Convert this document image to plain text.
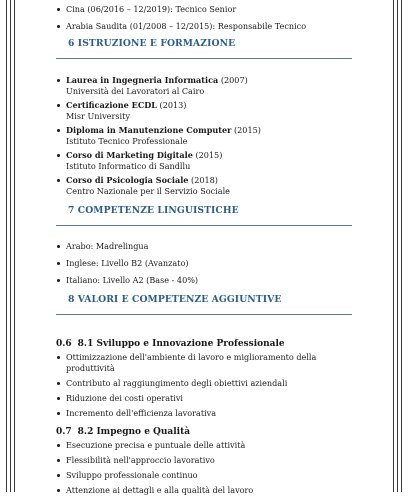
Cina (06/2016 – 12/2019): Tecnico Senior
Arabia Saudita (01/2008 – 12/2015): Responsabile Tecnico
6 ISTRUZIONE E FORMAZIONE
Laurea in Ingegneria Informatica (2007)
Università dei Lavoratori al Cairo
Certificazione ECDL (2013)
Misr University
Diploma in Manutenzione Computer (2015)
Istituto Tecnico Professionale
Corso di Marketing Digitale (2015)
Istituto Informatico di Sandllu
Corso di Psicologia Sociale (2018)
Centro Nazionale per il Servizio Sociale
7 COMPETENZE LINGUISTICHE
Arabo: Madrelingua
Inglese: Livello B2 (Avanzato)
Italiano: Livello A2 (Base - 40%)
8 VALORI E COMPETENZE AGGIUNTIVE
0.6 8.1 Sviluppo e Innovazione Professionale
Ottimizzazione dell'ambiente di lavoro e miglioramento della produttività
Contributo al raggiungimento degli obiettivi aziendali
Riduzione dei costi operativi
Incremento dell'efficienza lavorativa
0.7 8.2 Impegno e Qualità
Esecuzione precisa e puntuale delle attività
Flessibilità nell'approccio lavorativo
Sviluppo professionale continuo
Attenzione ai dettagli e alla qualità del lavoro
